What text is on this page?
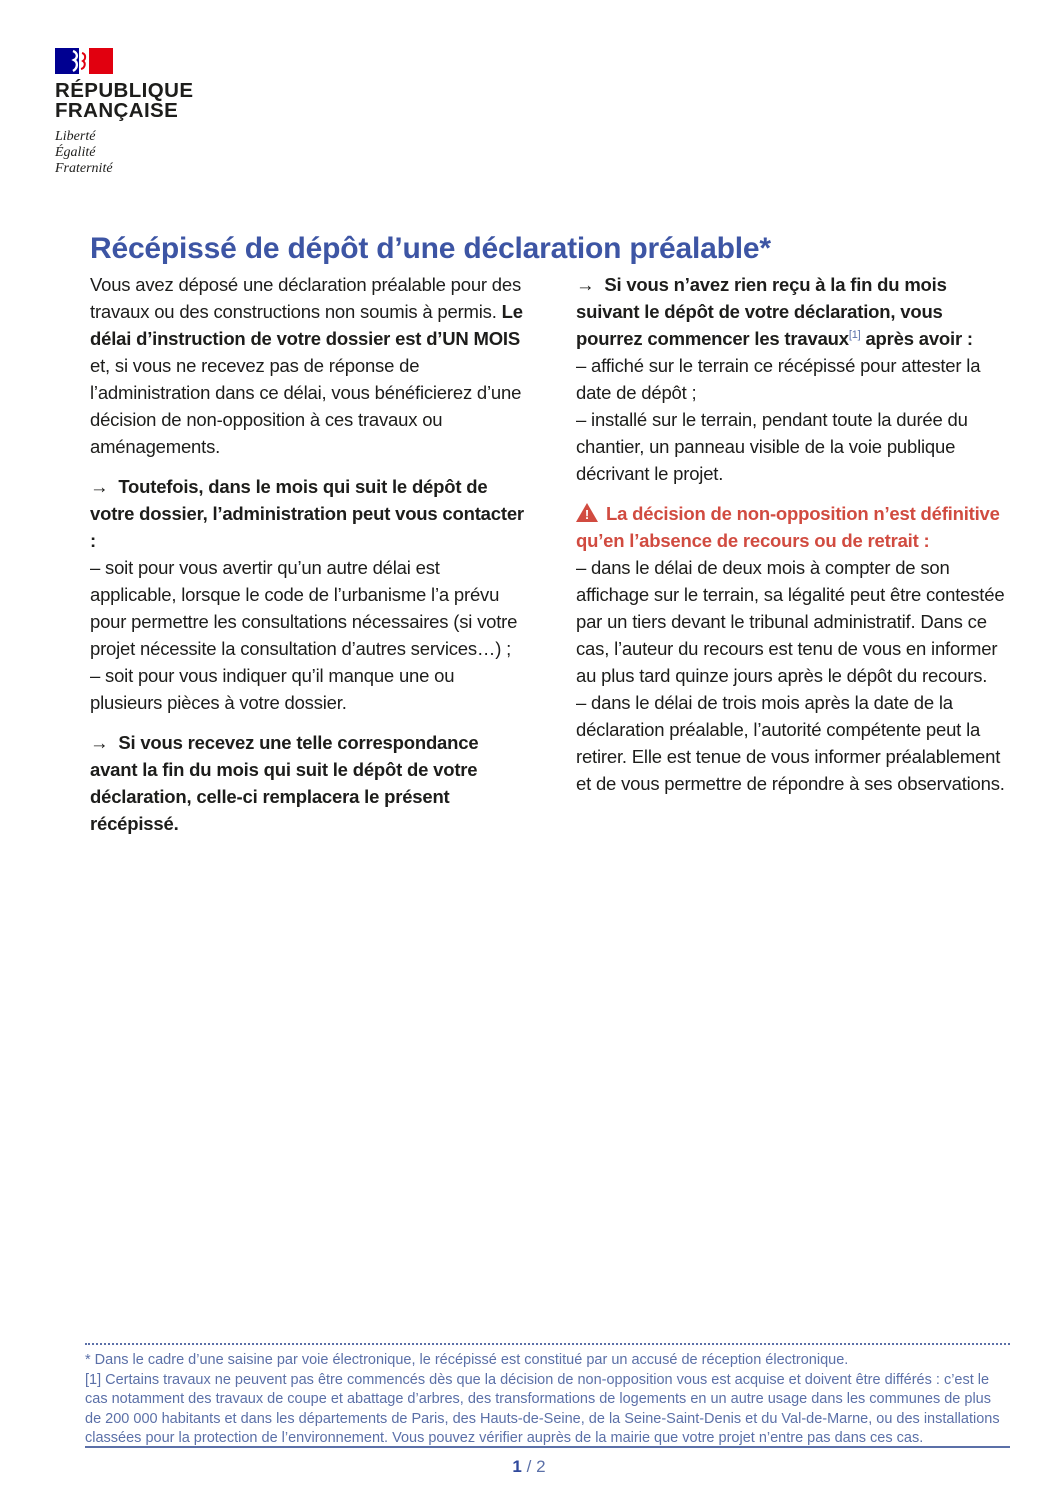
RÉPUBLIQUE
FRANÇAISE
Liberté
Égalité
Fraternité
Récépissé de dépôt d’une déclaration préalable*

Vous avez déposé une déclaration préalable pour des travaux ou des constructions non soumis à permis. Le délai d’instruction de votre dossier est d’UN MOIS et, si vous ne recevez pas de réponse de l’administration dans ce délai, vous bénéficierez d’une décision de non-opposition à ces travaux ou aménagements.

→ Toutefois, dans le mois qui suit le dépôt de votre dossier, l’administration peut vous contacter :
– soit pour vous avertir qu’un autre délai est applicable, lorsque le code de l’urbanisme l’a prévu pour permettre les consultations nécessaires (si votre projet nécessite la consultation d’autres services…) ;
– soit pour vous indiquer qu’il manque une ou plusieurs pièces à votre dossier.

→ Si vous recevez une telle correspondance avant la fin du mois qui suit le dépôt de votre déclaration, celle-ci remplacera le présent récépissé.

→ Si vous n’avez rien reçu à la fin du mois suivant le dépôt de votre déclaration, vous pourrez commencer les travaux[1] après avoir :
– affiché sur le terrain ce récépissé pour attester la date de dépôt ;
– installé sur le terrain, pendant toute la durée du chantier, un panneau visible de la voie publique décrivant le projet.

!La décision de non-opposition n’est définitive qu’en l’absence de recours ou de retrait :
– dans le délai de deux mois à compter de son affichage sur le terrain, sa légalité peut être contestée par un tiers devant le tribunal administratif. Dans ce cas, l’auteur du recours est tenu de vous en informer au plus tard quinze jours après le dépôt du recours.
– dans le délai de trois mois après la date de la déclaration préalable, l’autorité compétente peut la retirer. Elle est tenue de vous informer préalablement et de vous permettre de répondre à ses observations.

* Dans le cadre d’une saisine par voie électronique, le récépissé est constitué par un accusé de réception électronique.

[1] Certains travaux ne peuvent pas être commencés dès que la décision de non-opposition vous est acquise et doivent être différés : c’est le cas notamment des travaux de coupe et abattage d’arbres, des transformations de logements en un autre usage dans les communes de plus de 200 000 habitants et dans les départements de Paris, des Hauts-de-Seine, de la Seine-Saint-Denis et du Val-de-Marne, ou des installations classées pour la protection de l’environnement. Vous pouvez vérifier auprès de la mairie que votre projet n’entre pas dans ces cas.

1 / 2
